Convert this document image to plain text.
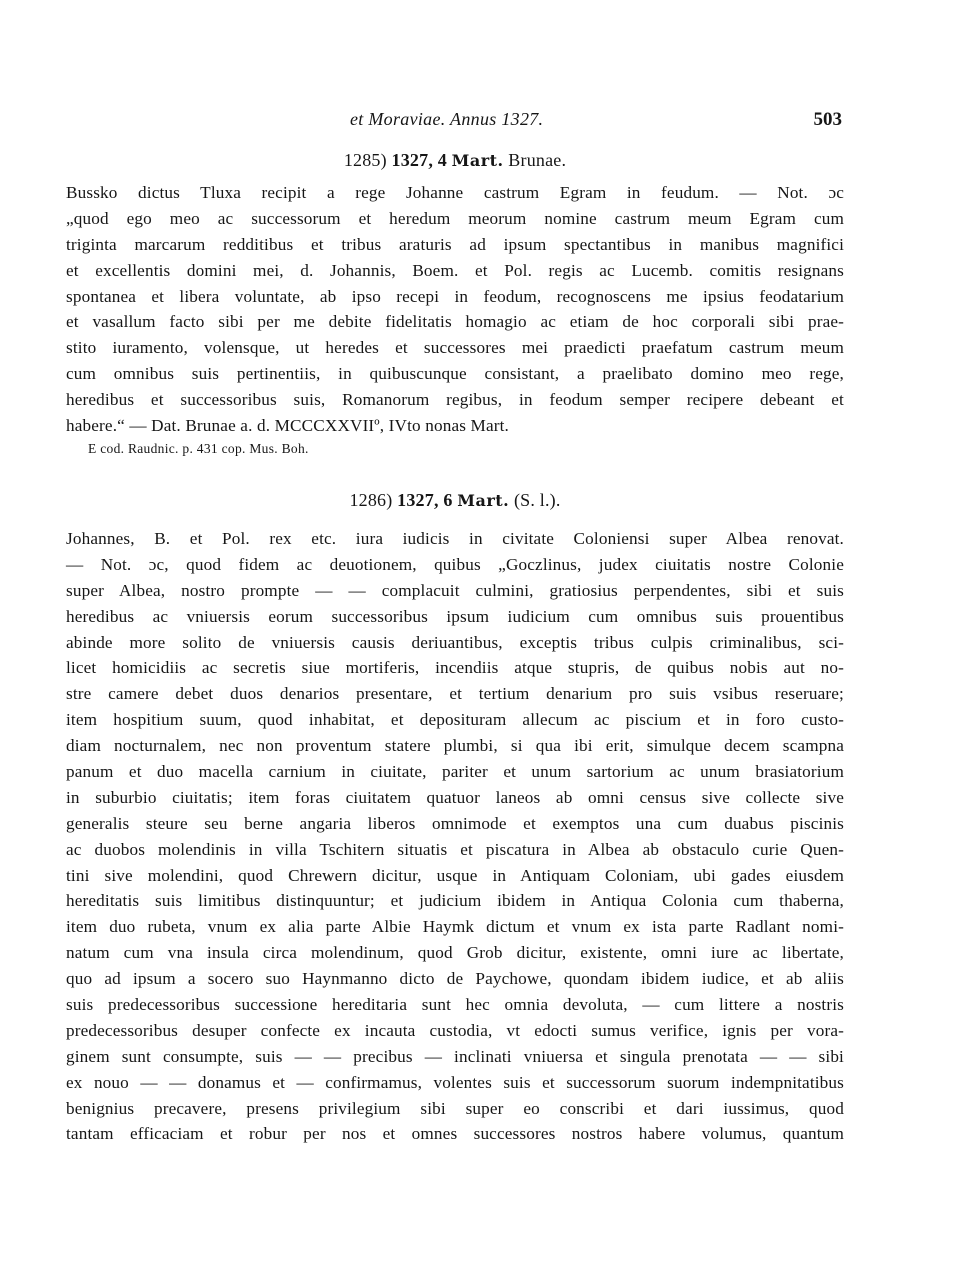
et Moraviae. Annus 1327.	503
1285) 1327, 4 Mart. Brunae.
Bussko dictus Tluxa recipit a rege Johanne castrum Egram in feudum. — Not. ɔc
„quod ego meo ac successorum et heredum meorum nomine castrum meum Egram cum
triginta marcarum redditibus et tribus araturis ad ipsum spectantibus in manibus magnifici
et excellentis domini mei, d. Johannis, Boem. et Pol. regis ac Lucemb. comitis resignans
spontanea et libera voluntate, ab ipso recepi in feodum, recognoscens me ipsius feodatarium
et vasallum facto sibi per me debite fidelitatis homagio ac etiam de hoc corporali sibi prae-
stito iuramento, volensque, ut heredes et successores mei praedicti praefatum castrum meum
cum omnibus suis pertinentiis, in quibuscunque consistant, a praelibato domino meo rege,
heredibus et successoribus suis, Romanorum regibus, in feodum semper recipere debeant et
habere.“ — Dat. Brunae a. d. MCCCXXVIIº, IVto nonas Mart.
E cod. Raudnic. p. 431 cop. Mus. Boh.
1286) 1327, 6 Mart. (S. l.).
Johannes, B. et Pol. rex etc. iura iudicis in civitate Coloniensi super Albea renovat.
— Not. ɔc, quod fidem ac deuotionem, quibus „Goczlinus, judex ciuitatis nostre Colonie
super Albea, nostro prompte — — complacuit culmini, gratiosius perpendentes, sibi et suis
heredibus ac vniuersis eorum successoribus ipsum iudicium cum omnibus suis prouentibus
abinde more solito de vniuersis causis deriuantibus, exceptis tribus culpis criminalibus, sci-
licet homicidiis ac secretis siue mortiferis, incendiis atque stupris, de quibus nobis aut no-
stre camere debet duos denarios presentare, et tertium denarium pro suis vsibus reseruare;
item hospitium suum, quod inhabitat, et deposituram allecum ac piscium et in foro custo-
diam nocturnalem, nec non proventum statere plumbi, si qua ibi erit, simulque decem scampna
panum et duo macella carnium in ciuitate, pariter et unum sartorium ac unum brasiatorium
in suburbio ciuitatis; item foras ciuitatem quatuor laneos ab omni census sive collecte sive
generalis steure seu berne angaria liberos omnimode et exemptos una cum duabus piscinis
ac duobos molendinis in villa Tschitern situatis et piscatura in Albea ab obstaculo curie Quen-
tini sive molendini, quod Chrewern dicitur, usque in Antiquam Coloniam, ubi gades eiusdem
hereditatis suis limitibus distinquuntur; et judicium ibidem in Antiqua Colonia cum thaberna,
item duo rubeta, vnum ex alia parte Albie Haymk dictum et vnum ex ista parte Radlant nomi-
natum cum vna insula circa molendinum, quod Grob dicitur, existente, omni iure ac libertate,
quo ad ipsum a socero suo Haynmanno dicto de Paychowe, quondam ibidem iudice, et ab aliis
suis predecessoribus successione hereditaria sunt hec omnia devoluta, — cum littere a nostris
predecessoribus desuper confecte ex incauta custodia, vt edocti sumus verifice, ignis per vora-
ginem sunt consumpte, suis — — precibus — inclinati vniuersa et singula prenotata — — sibi
ex nouo — — donamus et — confirmamus, volentes suis et successorum suorum indempnitatibus
benignius precavere, presens privilegium sibi super eo conscribi et dari iussimus, quod
tantam efficaciam et robur per nos et omnes successores nostros habere volumus, quantum
